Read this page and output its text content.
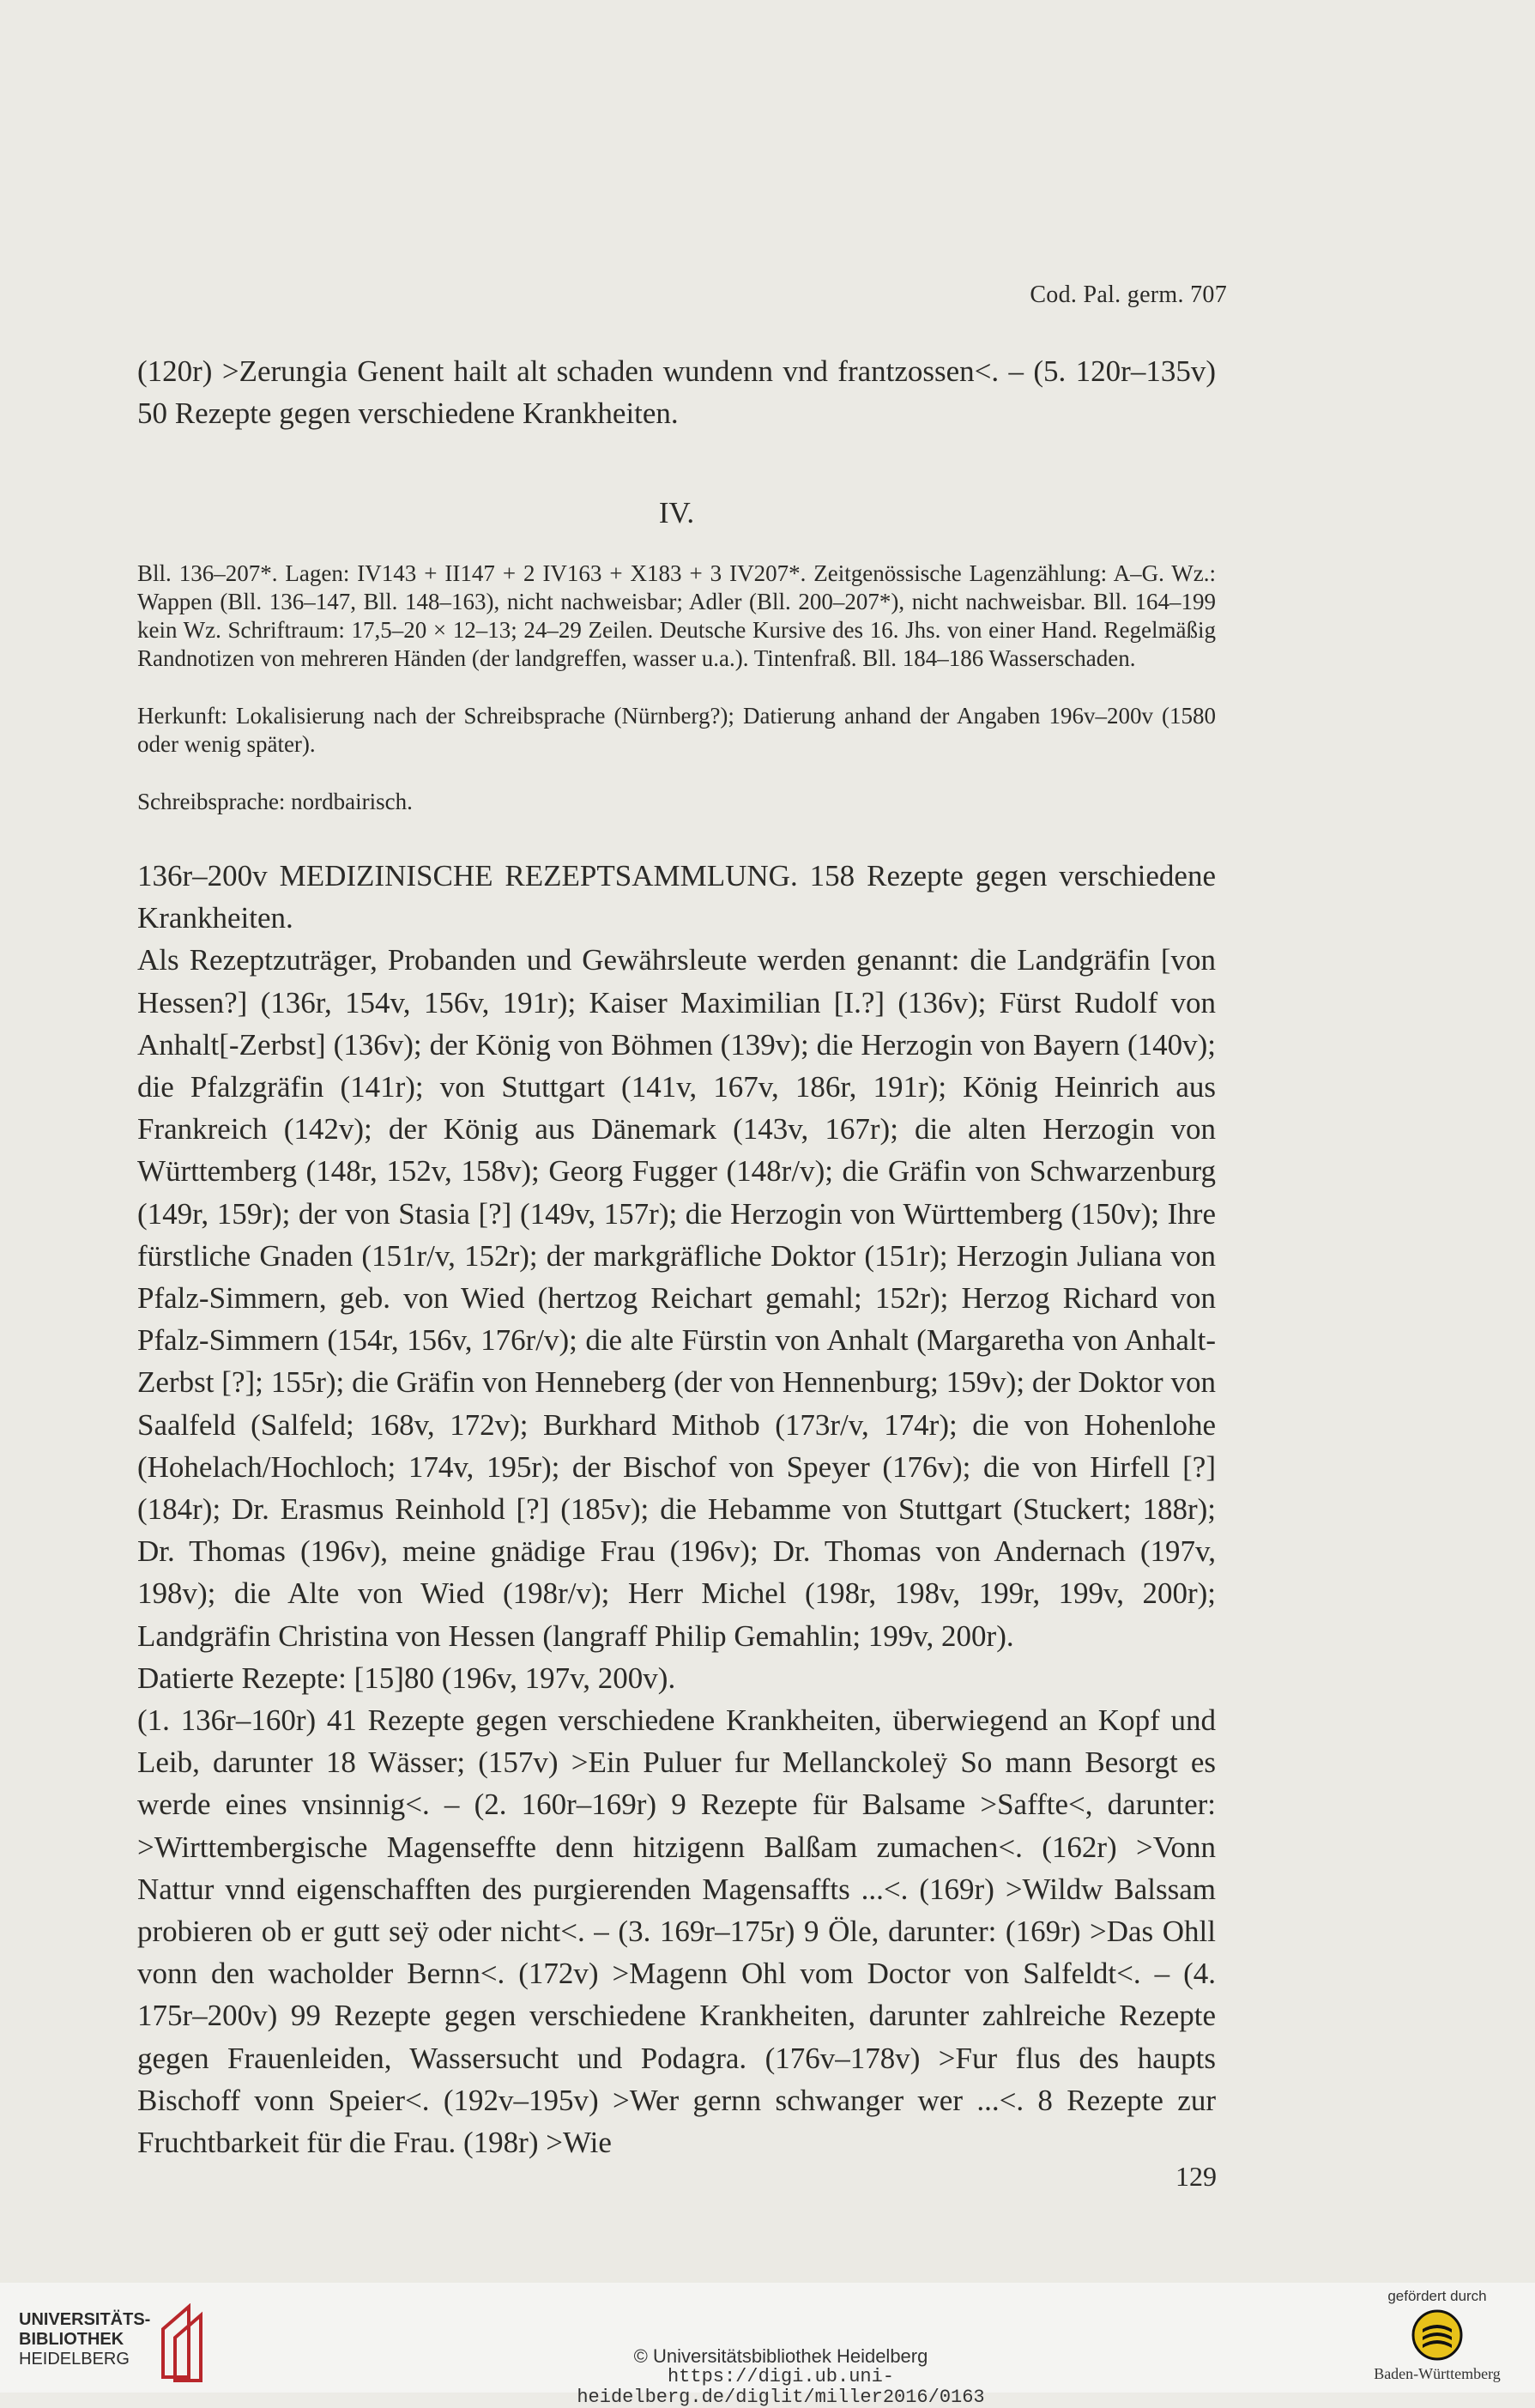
Cod. Pal. germ. 707

(120r) >Zerungia Genent hailt alt schaden wundenn vnd frantzossen<. – (5. 120r–135v) 50 Rezepte gegen verschiedene Krankheiten.

IV.

Bll. 136–207*. Lagen: IV143 + II147 + 2 IV163 + X183 + 3 IV207*. Zeitgenössische Lagenzählung: A–G. Wz.: Wappen (Bll. 136–147, Bll. 148–163), nicht nachweisbar; Adler (Bll. 200–207*), nicht nachweisbar. Bll. 164–199 kein Wz. Schriftraum: 17,5–20 × 12–13; 24–29 Zeilen. Deutsche Kursive des 16. Jhs. von einer Hand. Regelmäßig Randnotizen von mehreren Händen (der landgreffen, wasser u.a.). Tintenfraß. Bll. 184–186 Wasserschaden.

Herkunft: Lokalisierung nach der Schreibsprache (Nürnberg?); Datierung anhand der Angaben 196v–200v (1580 oder wenig später).

Schreibsprache: nordbairisch.

136r–200v MEDIZINISCHE REZEPTSAMMLUNG. 158 Rezepte gegen verschiedene Krankheiten.

Als Rezeptzuträger, Probanden und Gewährsleute werden genannt: die Landgräfin [von Hessen?] (136r, 154v, 156v, 191r); Kaiser Maximilian [I.?] (136v); Fürst Rudolf von Anhalt[-Zerbst] (136v); der König von Böhmen (139v); die Herzogin von Bayern (140v); die Pfalzgräfin (141r); von Stuttgart (141v, 167v, 186r, 191r); König Heinrich aus Frankreich (142v); der König aus Dänemark (143v, 167r); die alten Herzogin von Württemberg (148r, 152v, 158v); Georg Fugger (148r/v); die Gräfin von Schwarzenburg (149r, 159r); der von Stasia [?] (149v, 157r); die Herzogin von Württemberg (150v); Ihre fürstliche Gnaden (151r/v, 152r); der markgräfliche Doktor (151r); Herzogin Juliana von Pfalz-Simmern, geb. von Wied (hertzog Reichart gemahl; 152r); Herzog Richard von Pfalz-Simmern (154r, 156v, 176r/v); die alte Fürstin von Anhalt (Margaretha von Anhalt-Zerbst [?]; 155r); die Gräfin von Henneberg (der von Hennenburg; 159v); der Doktor von Saalfeld (Salfeld; 168v, 172v); Burkhard Mithob (173r/v, 174r); die von Hohenlohe (Hohelach/Hochloch; 174v, 195r); der Bischof von Speyer (176v); die von Hirfell [?] (184r); Dr. Erasmus Reinhold [?] (185v); die Hebamme von Stuttgart (Stuckert; 188r); Dr. Thomas (196v), meine gnädige Frau (196v); Dr. Thomas von Andernach (197v, 198v); die Alte von Wied (198r/v); Herr Michel (198r, 198v, 199r, 199v, 200r); Landgräfin Christina von Hessen (langraff Philip Gemahlin; 199v, 200r).

Datierte Rezepte: [15]80 (196v, 197v, 200v).

(1. 136r–160r) 41 Rezepte gegen verschiedene Krankheiten, überwiegend an Kopf und Leib, darunter 18 Wässer; (157v) >Ein Puluer fur Mellanckoleÿ So mann Besorgt es werde eines vnsinnig<. – (2. 160r–169r) 9 Rezepte für Balsame >Saffte<, darunter: >Wirttembergische Magenseffte denn hitzigenn Balßam zumachen<. (162r) >Vonn Nattur vnnd eigenschafften des purgierenden Magensaffts ...<. (169r) >Wildw Balssam probieren ob er gutt seÿ oder nicht<. – (3. 169r–175r) 9 Öle, darunter: (169r) >Das Ohll vonn den wacholder Bernn<. (172v) >Magenn Ohl vom Doctor von Salfeldt<. – (4. 175r–200v) 99 Rezepte gegen verschiedene Krankheiten, darunter zahlreiche Rezepte gegen Frauenleiden, Wassersucht und Podagra. (176v–178v) >Fur flus des haupts Bischoff vonn Speier<. (192v–195v) >Wer gernn schwanger wer ...<. 8 Rezepte zur Fruchtbarkeit für die Frau. (198r) >Wie

129
UNIVERSITÄTS-
BIBLIOTHEK
HEIDELBERG	© Universitätsbibliothek Heidelberg
https://digi.ub.uni-heidelberg.de/diglit/miller2016/0163
gefördert durch
Baden-Württemberg
